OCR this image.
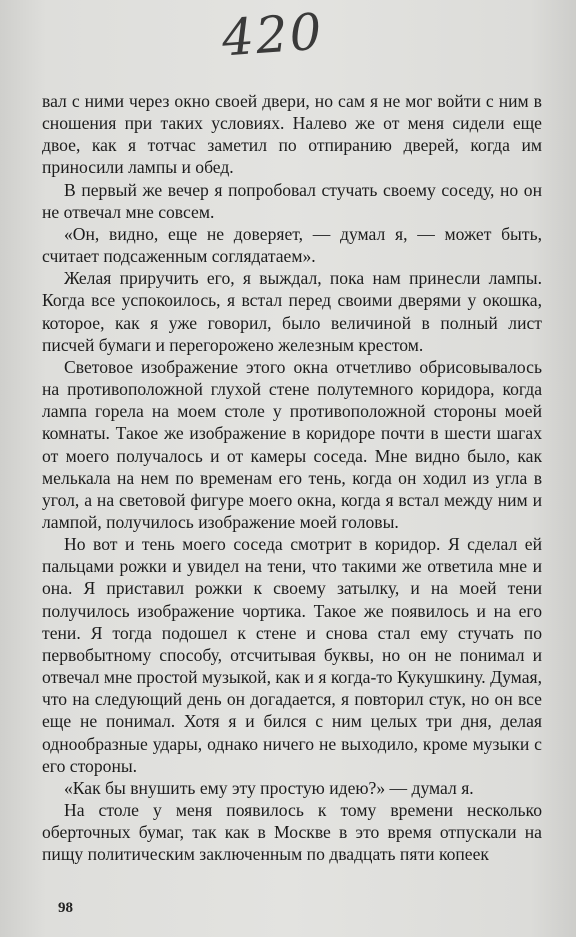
420

вал с ними через окно своей двери, но сам я не мог войти с ним в сношения при таких условиях. Налево же от меня сидели еще двое, как я тотчас заметил по отпиранию дверей, когда им приносили лампы и обед.

В первый же вечер я попробовал стучать своему соседу, но он не отвечал мне совсем.

«Он, видно, еще не доверяет, — думал я, — может быть, считает подсаженным соглядатаем».

Желая приручить его, я выждал, пока нам принесли лампы. Когда все успокоилось, я встал перед своими дверями у окошка, которое, как я уже говорил, было величиной в полный лист писчей бумаги и перегорожено железным крестом.

Световое изображение этого окна отчетливо обрисовывалось на противоположной глухой стене полутемного коридора, когда лампа горела на моем столе у противоположной стороны моей комнаты. Такое же изображение в коридоре почти в шести шагах от моего получалось и от камеры соседа. Мне видно было, как мелькала на нем по временам его тень, когда он ходил из угла в угол, а на световой фигуре моего окна, когда я встал между ним и лампой, получилось изображение моей головы.

Но вот и тень моего соседа смотрит в коридор. Я сделал ей пальцами рожки и увидел на тени, что такими же ответила мне и она. Я приставил рожки к своему затылку, и на моей тени получилось изображение чортика. Такое же появилось и на его тени. Я тогда подошел к стене и снова стал ему стучать по первобытному способу, отсчитывая буквы, но он не понимал и отвечал мне простой музыкой, как и я когда-то Кукушкину. Думая, что на следующий день он догадается, я повторил стук, но он все еще не понимал. Хотя я и бился с ним целых три дня, делая однообразные удары, однако ничего не выходило, кроме музыки с его стороны.

«Как бы внушить ему эту простую идею?» — думал я.

На столе у меня появилось к тому времени несколько оберточных бумаг, так как в Москве в это время отпускали на пищу политическим заключенным по двадцать пяти копеек

98
